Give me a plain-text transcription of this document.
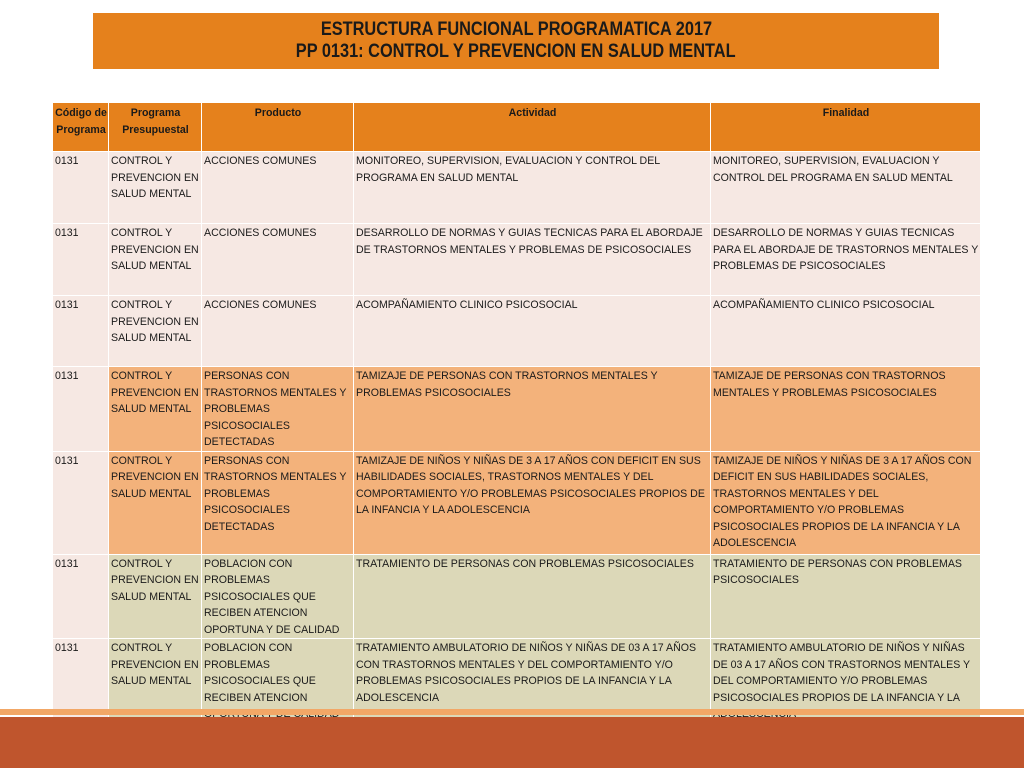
ESTRUCTURA FUNCIONAL PROGRAMATICA 2017
PP 0131: CONTROL Y PREVENCION EN SALUD MENTAL
Código de Programa	Programa Presupuestal	Producto	Actividad	Finalidad
0131	CONTROL Y PREVENCION EN SALUD MENTAL	ACCIONES COMUNES	MONITOREO, SUPERVISION, EVALUACION Y CONTROL DEL PROGRAMA EN SALUD MENTAL	MONITOREO, SUPERVISION, EVALUACION Y CONTROL DEL PROGRAMA EN SALUD MENTAL
0131	CONTROL Y PREVENCION EN SALUD MENTAL	ACCIONES COMUNES	DESARROLLO DE NORMAS Y GUIAS TECNICAS PARA EL ABORDAJE DE TRASTORNOS MENTALES Y PROBLEMAS DE PSICOSOCIALES	DESARROLLO DE NORMAS Y GUIAS TECNICAS PARA EL ABORDAJE DE TRASTORNOS MENTALES Y PROBLEMAS DE PSICOSOCIALES
0131	CONTROL Y PREVENCION EN SALUD MENTAL	ACCIONES COMUNES	ACOMPAÑAMIENTO CLINICO PSICOSOCIAL	ACOMPAÑAMIENTO CLINICO PSICOSOCIAL
0131	CONTROL Y PREVENCION EN SALUD MENTAL	PERSONAS CON TRASTORNOS MENTALES Y PROBLEMAS PSICOSOCIALES DETECTADAS	TAMIZAJE DE PERSONAS CON TRASTORNOS MENTALES Y PROBLEMAS PSICOSOCIALES	TAMIZAJE DE PERSONAS CON TRASTORNOS MENTALES Y PROBLEMAS PSICOSOCIALES
0131	CONTROL Y PREVENCION EN SALUD MENTAL	PERSONAS CON TRASTORNOS MENTALES Y PROBLEMAS PSICOSOCIALES DETECTADAS	TAMIZAJE DE NIÑOS Y NIÑAS DE 3 A 17 AÑOS CON DEFICIT EN SUS HABILIDADES SOCIALES, TRASTORNOS MENTALES Y DEL COMPORTAMIENTO Y/O PROBLEMAS PSICOSOCIALES PROPIOS DE LA INFANCIA Y LA ADOLESCENCIA	TAMIZAJE DE NIÑOS Y NIÑAS DE 3 A 17 AÑOS CON DEFICIT EN SUS HABILIDADES SOCIALES, TRASTORNOS MENTALES Y DEL COMPORTAMIENTO Y/O PROBLEMAS PSICOSOCIALES PROPIOS DE LA INFANCIA Y LA ADOLESCENCIA
0131	CONTROL Y PREVENCION EN SALUD MENTAL	POBLACION CON PROBLEMAS PSICOSOCIALES QUE RECIBEN ATENCION OPORTUNA Y DE CALIDAD	TRATAMIENTO DE PERSONAS CON PROBLEMAS PSICOSOCIALES	TRATAMIENTO DE PERSONAS CON PROBLEMAS PSICOSOCIALES
0131	CONTROL Y PREVENCION EN SALUD MENTAL	POBLACION CON PROBLEMAS PSICOSOCIALES QUE RECIBEN ATENCION	TRATAMIENTO AMBULATORIO DE NIÑOS Y NIÑAS DE 03 A 17 AÑOS CON TRASTORNOS MENTALES Y DEL COMPORTAMIENTO Y/O PROBLEMAS PSICOSOCIALES PROPIOS DE LA INFANCIA Y LA ADOLESCENCIA	TRATAMIENTO AMBULATORIO DE NIÑOS Y NIÑAS DE 03 A 17 AÑOS CON TRASTORNOS MENTALES Y DEL COMPORTAMIENTO Y/O PROBLEMAS PSICOSOCIALES PROPIOS DE LA INFANCIA Y LA
